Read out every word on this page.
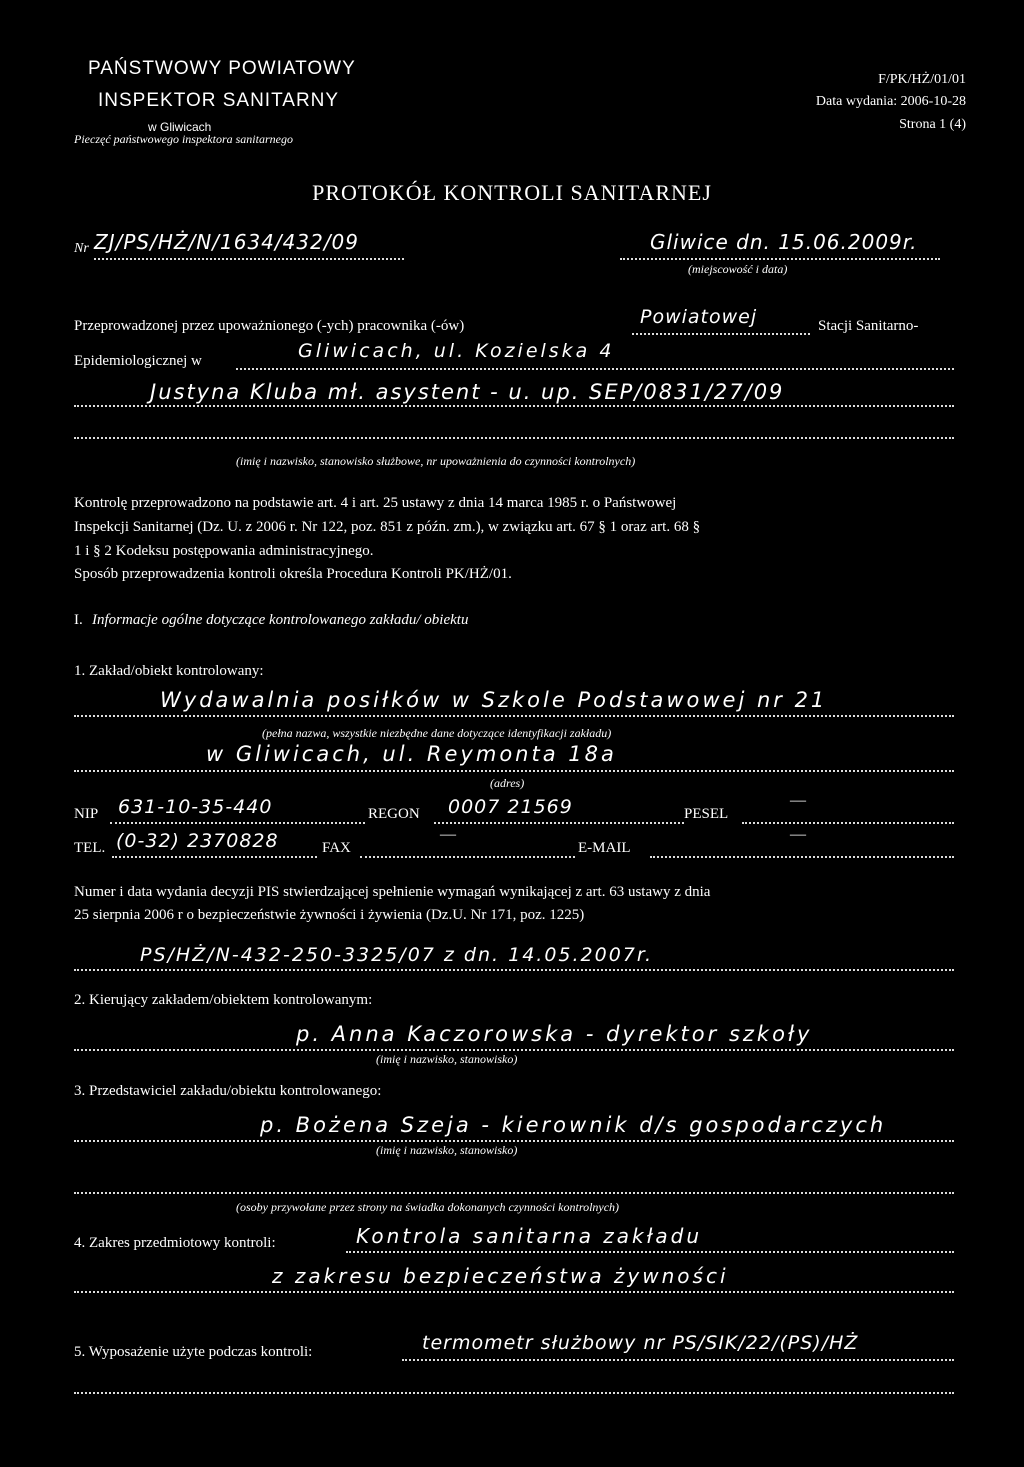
PAŃSTWOWY POWIATOWY
INSPEKTOR SANITARNY
Pieczęć państwowego inspektora sanitarnego
w Gliwicach
F/PK/HŻ/01/01
Data wydania: 2006-10-28
Strona 1 (4)
PROTOKÓŁ KONTROLI SANITARNEJ
Nr ZJ/PS/HŻ/N/1634/432/09	Gliwice dn. 15.06.2009r.
(miejscowość i data)
Przeprowadzonej przez upoważnionego (-ych) pracownika (-ów)	Powiatowej	Stacji Sanitarno-
Epidemiologicznej w	Gliwicach, ul. Kozielska 4
Justyna Kluba mł. asystent - u. up. SEP/0831/27/09
(imię i nazwisko, stanowisko służbowe, nr upoważnienia do czynności kontrolnych)
Kontrolę przeprowadzono na podstawie art. 4 i art. 25 ustawy z dnia 14 marca 1985 r. o Państwowej
Inspekcji Sanitarnej (Dz. U. z 2006 r. Nr 122, poz. 851 z późn. zm.), w związku art. 67 § 1 oraz art. 68 §
1 i § 2 Kodeksu postępowania administracyjnego.
Sposób przeprowadzenia kontroli określa Procedura Kontroli PK/HŻ/01.
I. Informacje ogólne dotyczące kontrolowanego zakładu/ obiektu
1. Zakład/obiekt kontrolowany:
Wydawalnia posiłków w Szkole Podstawowej nr 21
(pełna nazwa, wszystkie niezbędne dane dotyczące identyfikacji zakładu)
w Gliwicach, ul. Reymonta 18a
(adres)
NIP 631-10-35-440	REGON 0007 21569	PESEL
—
TEL. (0-32) 2370828	FAX
—
E-MAIL
—
Numer i data wydania decyzji PIS stwierdzającej spełnienie wymagań wynikającej z art. 63 ustawy z dnia
25 sierpnia 2006 r o bezpieczeństwie żywności i żywienia (Dz.U. Nr 171, poz. 1225)
PS/HŻ/N-432-250-3325/07 z dn. 14.05.2007r.
2. Kierujący zakładem/obiektem kontrolowanym:
p. Anna Kaczorowska - dyrektor szkoły
(imię i nazwisko, stanowisko)
3. Przedstawiciel zakładu/obiektu kontrolowanego:
p. Bożena Szeja - kierownik d/s gospodarczych
(imię i nazwisko, stanowisko)
(osoby przywołane przez strony na świadka dokonanych czynności kontrolnych)
4. Zakres przedmiotowy kontroli:	Kontrola sanitarna zakładu
z zakresu bezpieczeństwa żywności
5. Wyposażenie użyte podczas kontroli:	termometr służbowy nr PS/SIK/22/(PS)/HŻ
